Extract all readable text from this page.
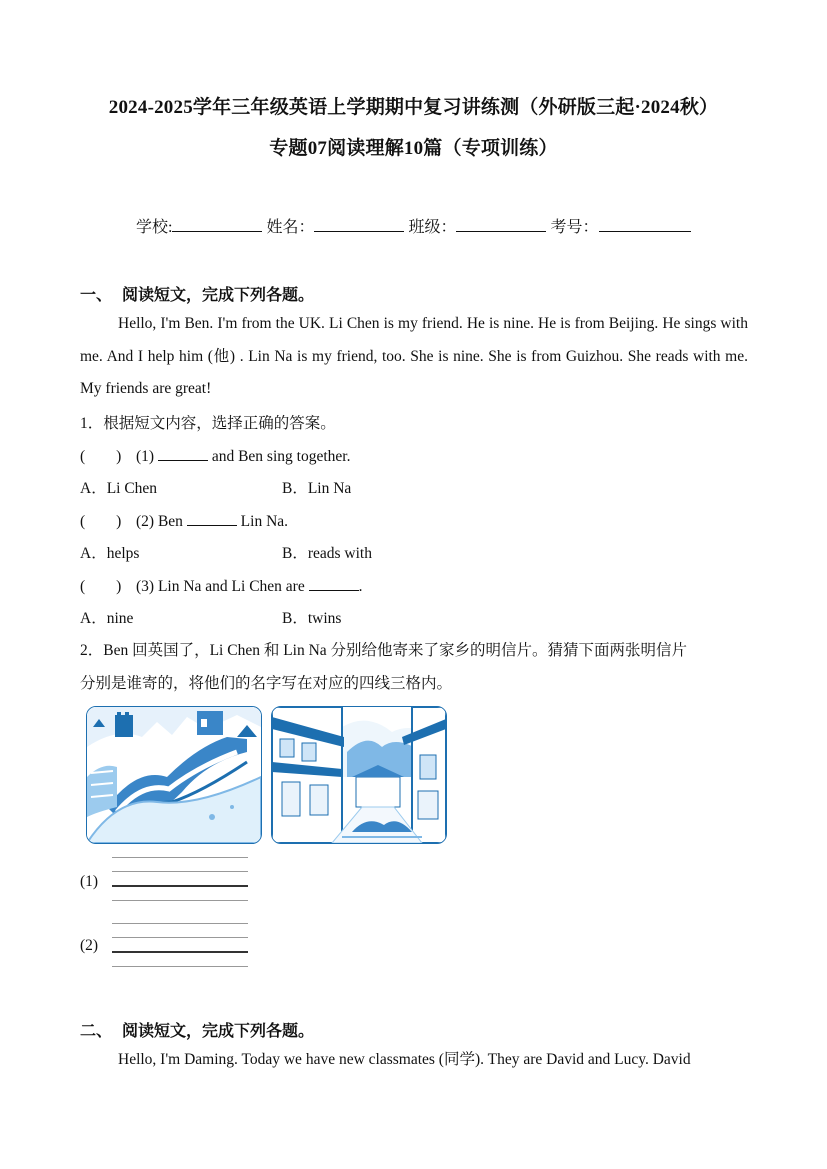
2024-2025学年三年级英语上学期期中复习讲练测（外研版三起·2024秋）
专题07阅读理解10篇（专项训练）
学校:	姓名：	班级：	考号：
一、 阅读短文，完成下列各题。
Hello, I'm Ben. I'm from the UK. Li Chen is my friend. He is nine. He is from Beijing. He sings with me. And I help him (他) . Lin Na is my friend, too. She is nine. She is from Guizhou. She reads with me. My friends are great!
1．根据短文内容，选择正确的答案。
(　　) (1)	and Ben sing together.
A．Li Chen	B．Lin Na
(　　) (2) Ben	Lin Na.
A．helps	B．reads with
(　　) (3) Lin Na and Li Chen are	.
A．nine	B．twins
2．Ben 回英国了，Li Chen 和 Lin Na 分别给他寄来了家乡的明信片。猜猜下面两张明信片
分别是谁寄的，将他们的名字写在对应的四线三格内。
(1)
(2)
二、 阅读短文，完成下列各题。
Hello, I'm Daming. Today we have new classmates (同学). They are David and Lucy. David
